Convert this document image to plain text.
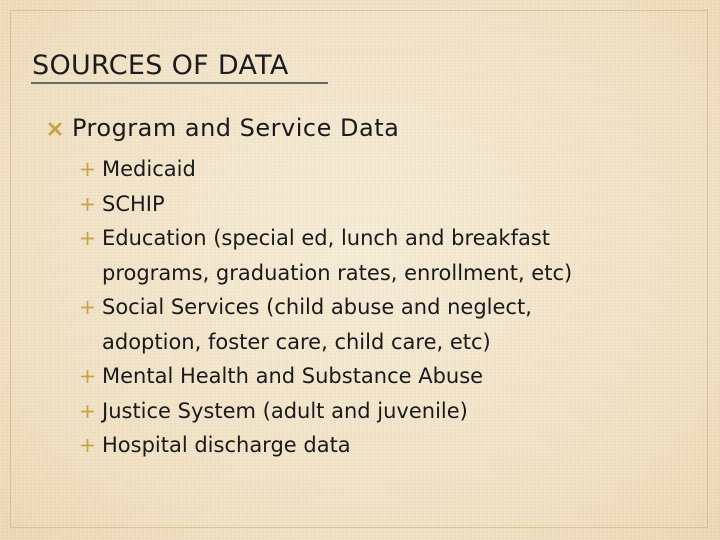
SOURCES OF DATA
Program and Service Data
Medicaid
SCHIP
Education (special ed, lunch and breakfast programs, graduation rates, enrollment, etc)
Social Services (child abuse and neglect, adoption, foster care, child care, etc)
Mental Health and Substance Abuse
Justice System (adult and juvenile)
Hospital discharge data
